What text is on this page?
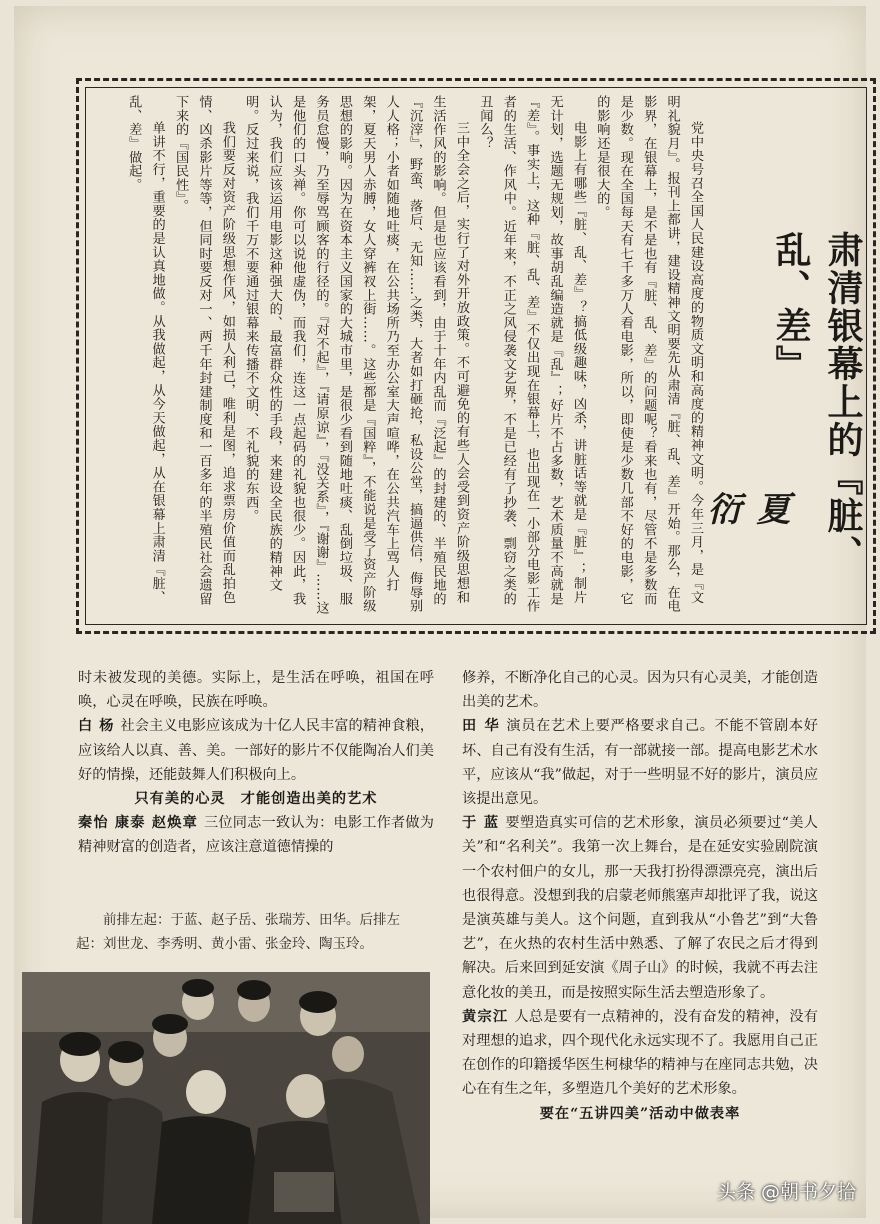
党中央号召全国人民建设高度的物质文明和高度的精神文明。今年三月，是『文明礼貌月』。报刊上都讲，建设精神文明要先从肃清『脏、乱、差』开始。那么，在电影界，在银幕上，是不是也有『脏、乱、差』的问题呢？看来也有，尽管不是多数而是少数。现在全国每天有七千多万人看电影，所以，即使是少数几部不好的电影，它的影响还是很大的。

电影上有哪些『脏、乱、差』？搞低级趣味，凶杀，讲脏话等就是『脏』；制片无计划，选题无规划，故事胡乱编造就是『乱』；好片不占多数，艺术质量不高就是『差』。事实上，这种『脏、乱、差』不仅出现在银幕上，也出现在一小部分电影工作者的生活、作风中。近年来，不正之风侵袭文艺界，不是已经有了抄袭、剽窃之类的丑闻么？

三中全会之后，实行了对外开放政策。不可避免的有些人会受到资产阶级思想和生活作风的影响。但是也应该看到，由于十年内乱而『泛起』的封建的、半殖民地的『沉滓』，野蛮、落后、无知……之类，大者如打砸抢，私设公堂，搞逼供信，侮辱别人人格；小者如随地吐痰，在公共场所乃至办公室大声喧哗，在公共汽车上骂人打架，夏天男人赤膊，女人穿裤衩上街……。这些都是『国粹』，不能说是受了资产阶级思想的影响。因为在资本主义国家的大城市里，是很少看到随地吐痰、乱倒垃圾、服务员怠慢，乃至辱骂顾客的行径的。『对不起』，『请原谅』，『没关系』，『谢谢』……这是他们的口头禅。你可以说他虚伪，而我们，连这一点起码的礼貌也很少。因此，我认为，我们应该运用电影这种强大的、最富群众性的手段，来建设全民族的精神文明。反过来说，我们千万不要通过银幕来传播不文明、不礼貌的东西。

我们要反对资产阶级思想作风，如损人利己，唯利是图，追求票房价值而乱拍色情、凶杀影片等等，但同时要反对一、两千年封建制度和一百多年的半殖民社会遗留下来的『国民性』。

单讲不行，重要的是认真地做。从我做起，从今天做起，从在银幕上肃清『脏、乱、差』做起。

夏 衍	肃清银幕上的『脏、乱、差』

时未被发现的美德。实际上，是生活在呼唤，祖国在呼唤，心灵在呼唤，民族在呼唤。

白 杨 社会主义电影应该成为十亿人民丰富的精神食粮，应该给人以真、善、美。一部好的影片不仅能陶冶人们美好的情操，还能鼓舞人们积极向上。

只有美的心灵　才能创造出美的艺术

秦怡 康泰 赵焕章 三位同志一致认为：电影工作者做为精神财富的创造者，应该注意道德情操的

前排左起：于蓝、赵子岳、张瑞芳、田华。后排左

起：刘世龙、李秀明、黄小雷、张金玲、陶玉玲。

修养，不断净化自己的心灵。因为只有心灵美，才能创造出美的艺术。

田 华 演员在艺术上要严格要求自己。不能不管剧本好坏、自己有没有生活，有一部就接一部。提高电影艺术水平，应该从“我”做起，对于一些明显不好的影片，演员应该提出意见。

于 蓝 要塑造真实可信的艺术形象，演员必须要过“美人关”和“名利关”。我第一次上舞台，是在延安实验剧院演一个农村佃户的女儿，那一天我打扮得漂漂亮亮，演出后也很得意。没想到我的启蒙老师熊塞声却批评了我，说这是演英雄与美人。这个问题，直到我从“小鲁艺”到“大鲁艺”，在火热的农村生活中熟悉、了解了农民之后才得到解决。后来回到延安演《周子山》的时候，我就不再去注意化妆的美丑，而是按照实际生活去塑造形象了。

黄宗江 人总是要有一点精神的，没有奋发的精神，没有对理想的追求，四个现代化永远实现不了。我愿用自己正在创作的印籍援华医生柯棣华的精神与在座同志共勉，决心在有生之年，多塑造几个美好的艺术形象。

要在“五讲四美”活动中做表率

头条 @朝书夕拾
